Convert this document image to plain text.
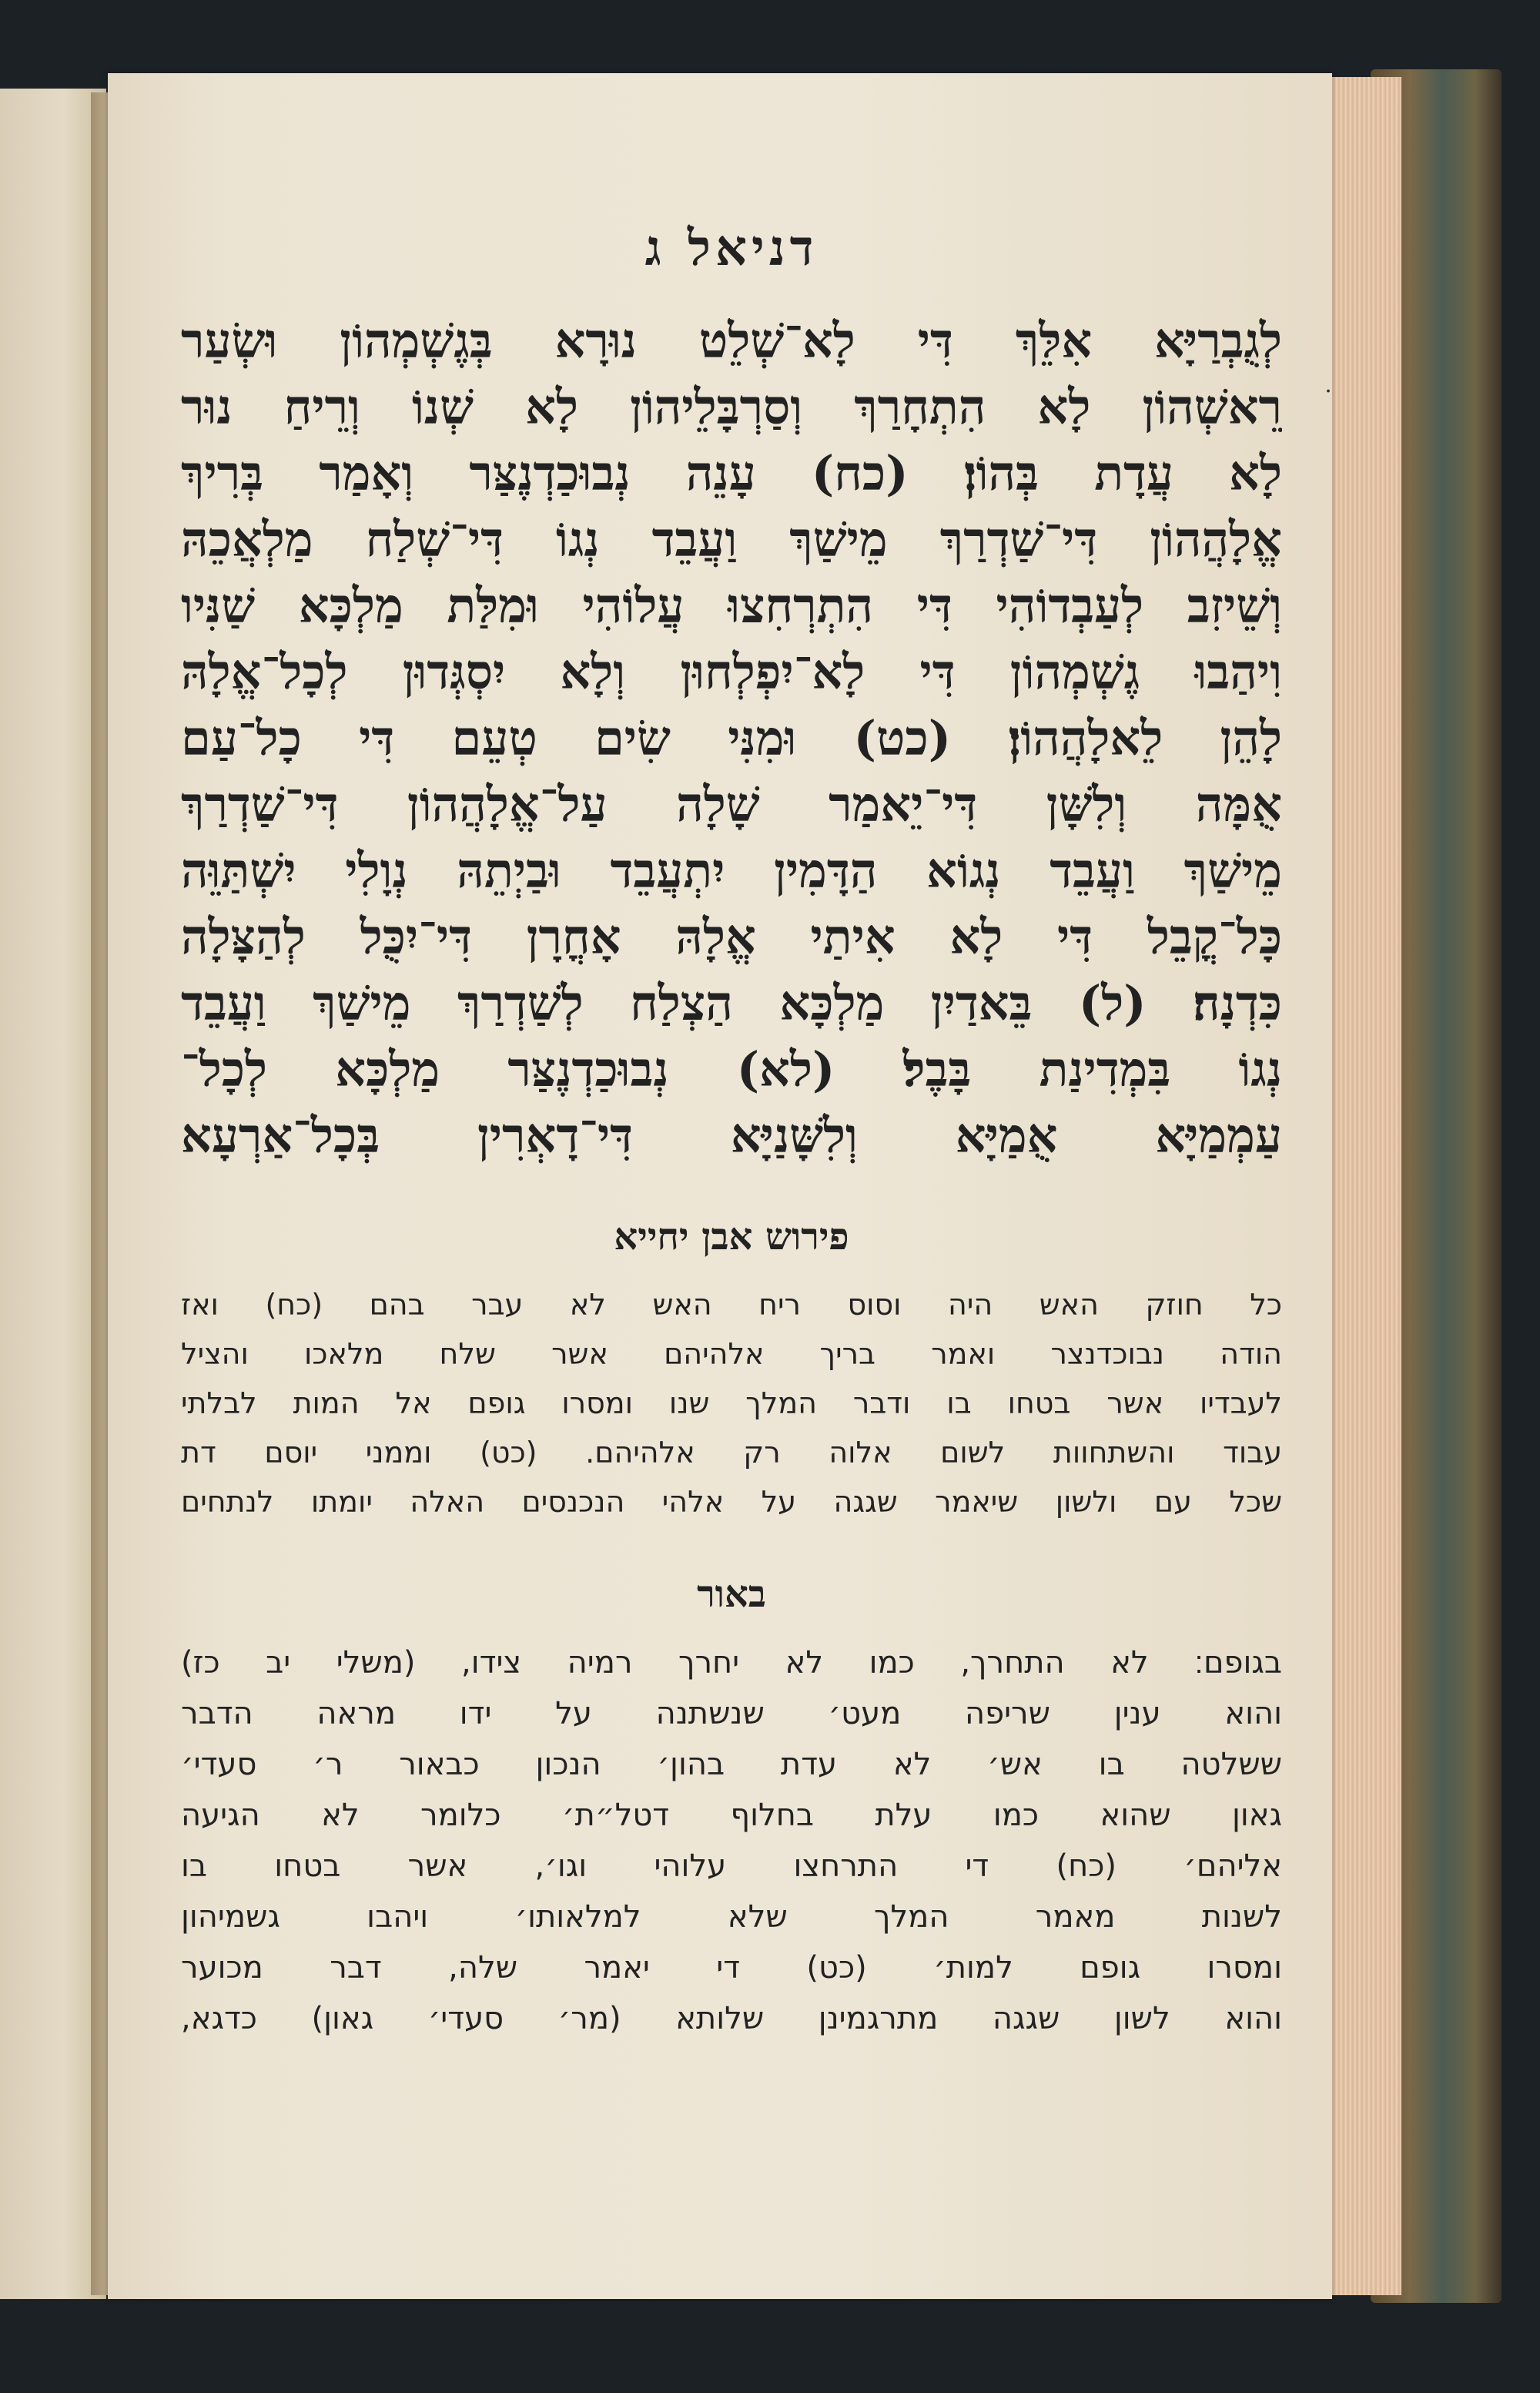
דניאל ג
לְגֻבְרַיָּא אִלֵּךְ דִּי לָא־שְׁלֵט נוּרָא בְּגֶשְׁמְהוֹן וּשְׂעַר
רֵאשְׁהוֹן לָא הִתְחָרַךְ וְסַרְבָּלֵיהוֹן לָא שְׁנוֹ וְרֵיחַ נוּר
לָא עֲדָת בְּהוֹן׃ (כח) עָנֵה נְבוּכַדְנֶצַּר וְאָמַר בְּרִיךְ
אֱלָהֲהוֹן דִּי־שַׁדְרַךְ מֵישַׁךְ וַעֲבֵד נְגוֹ דִּי־שְׁלַח מַלְאֲכֵהּ
וְשֵׁיזִב לְעַבְדוֹהִי דִּי הִתְרְחִצוּ עֲלוֹהִי וּמִלַּת מַלְכָּא שַׁנִּיו
וִיהַבוּ גֶשְׁמְהוֹן דִּי לָא־יִפְלְחוּן וְלָא יִסְגְּדוּן לְכָל־אֱלָהּ
לָהֵן לֵאלָהֲהוֹן׃ (כט) וּמִנִּי שִׂים טְעֵם דִּי כָל־עַם
אֻמָּה וְלִשָּׁן דִּי־יֵאמַר שָׁלָה עַל־אֱלָהֲהוֹן דִּי־שַׁדְרַךְ
מֵישַׁךְ וַעֲבֵד נְגוֹא הַדָּמִין יִתְעֲבֵד וּבַיְתֵהּ נְוָלִי יִשְׁתַּוֵּה
כָּל־קֳבֵל דִּי לָא אִיתַי אֱלָהּ אָחֳרָן דִּי־יִכֻּל לְהַצָּלָה
כִּדְנָה׃ (ל) בֵּאדַיִן מַלְכָּא הַצְלַח לְשַׁדְרַךְ מֵישַׁךְ וַעֲבֵד
נְגוֹ בִּמְדִינַת בָּבֶל׃ (לא) נְבוּכַדְנֶצַּר מַלְכָּא לְכָל־
עַמְמַיָּא אֻמַיָּא וְלִשָּׁנַיָּא דִּי־דָאְרִין בְּכָל־אַרְעָא
פירוש אבן יחייא
כל חוזק האש היה וסוס ריח האש לא עבר בהם (כח) ואז
הודה נבוכדנצר ואמר בריך אלהיהם אשר שלח מלאכו והציל
לעבדיו אשר בטחו בו ודבר המלך שנו ומסרו גופם אל המות לבלתי
עבוד והשתחוות לשום אלוה רק אלהיהם. (כט) וממני יוסם דת
שכל עם ולשון שיאמר שגגה על אלהי הנכנסים האלה יומתו לנתחים
באור
בגופם׃ לא התחרך, כמו לא יחרך רמיה צידו, (משלי יב כז)
והוא ענין שריפה מעט׳ שנשתנה על ידו מראה הדבר
ששלטה בו אש׳ לא עדת בהון׳ הנכון כבאור ר׳ סעדי׳
גאון שהוא כמו עלת בחלוף דטל״ת׳ כלומר לא הגיעה
אליהם׳ (כח) די התרחצו עלוהי וגו׳, אשר בטחו בו
לשנות מאמר המלך שלא למלאותו׳ ויהבו גשמיהון
ומסרו גופם למות׳ (כט) די יאמר שלה, דבר מכוער
והוא לשון שגגה מתרגמינן שלותא (מר׳ סעדי׳ גאון) כדגא,
